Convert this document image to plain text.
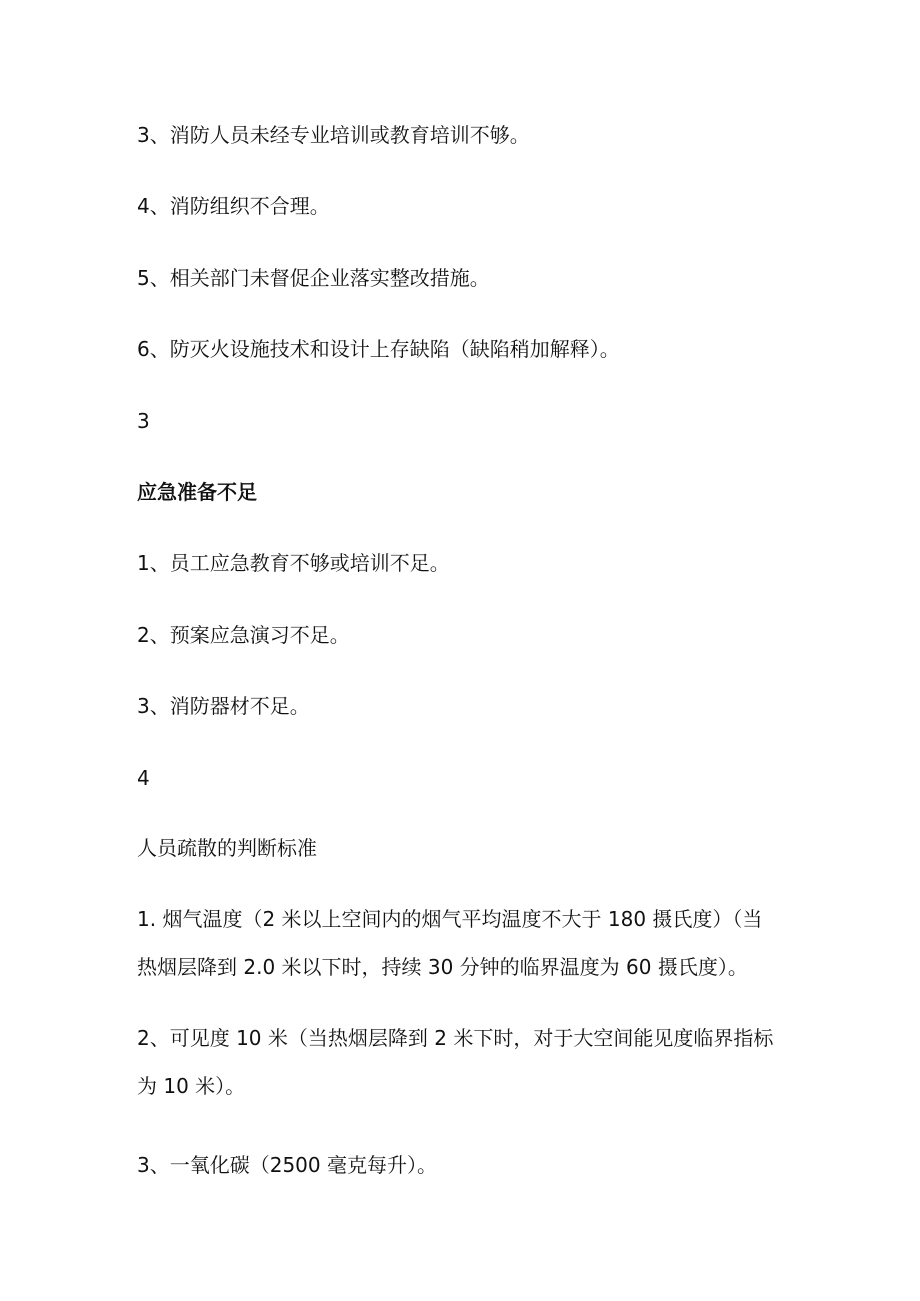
3、消防人员未经专业培训或教育培训不够。
4、消防组织不合理。
5、相关部门未督促企业落实整改措施。
6、防灭火设施技术和设计上存缺陷（缺陷稍加解释）。
3
应急准备不足
1、员工应急教育不够或培训不足。
2、预案应急演习不足。
3、消防器材不足。
4
人员疏散的判断标准
1. 烟气温度（2 米以上空间内的烟气平均温度不大于 180 摄氏度）（当
热烟层降到 2.0 米以下时，持续 30 分钟的临界温度为 60 摄氏度）。
2、可见度 10 米（当热烟层降到 2 米下时，对于大空间能见度临界指标
为 10 米）。
3、一氧化碳（2500 毫克每升）。
